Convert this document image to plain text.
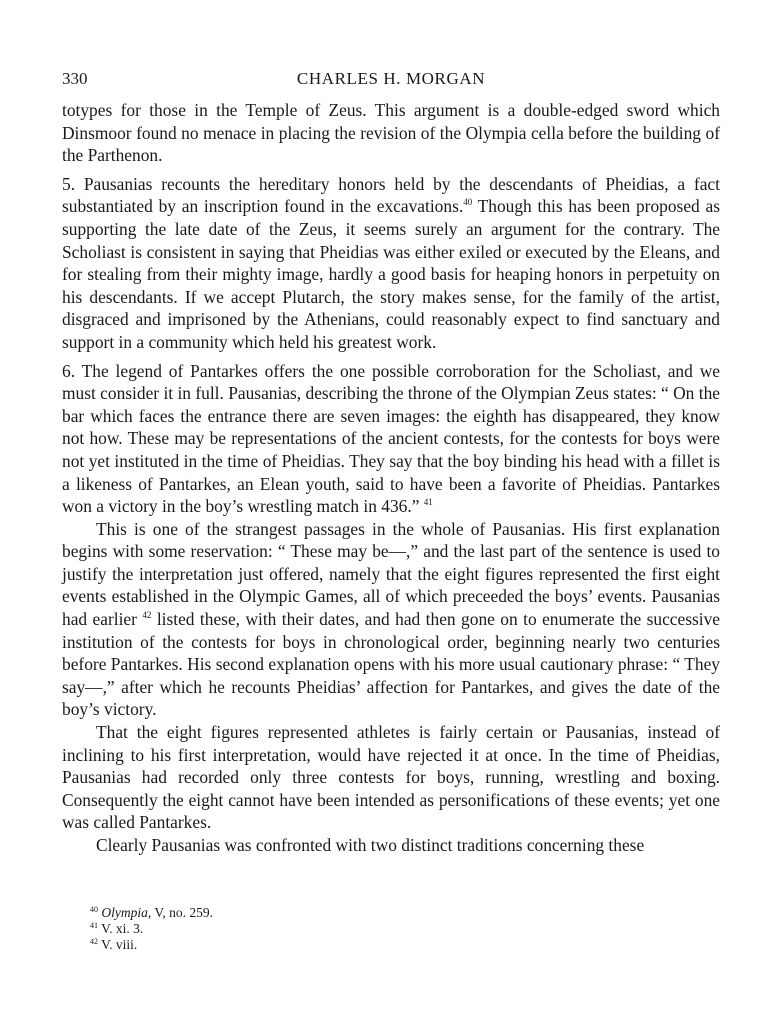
330	CHARLES H. MORGAN

totypes for those in the Temple of Zeus. This argument is a double-edged sword which Dinsmoor found no menace in placing the revision of the Olympia cella before the building of the Parthenon.

5. Pausanias recounts the hereditary honors held by the descendants of Pheidias, a fact substantiated by an inscription found in the excavations.$^{40}$ Though this has been proposed as supporting the late date of the Zeus, it seems surely an argument for the contrary. The Scholiast is consistent in saying that Pheidias was either exiled or executed by the Eleans, and for stealing from their mighty image, hardly a good basis for heaping honors in perpetuity on his descendants. If we accept Plutarch, the story makes sense, for the family of the artist, disgraced and imprisoned by the Athenians, could reasonably expect to find sanctuary and support in a community which held his greatest work.

6. The legend of Pantarkes offers the one possible corroboration for the Scholiast, and we must consider it in full. Pausanias, describing the throne of the Olympian Zeus states: “ On the bar which faces the entrance there are seven images: the eighth has disappeared, they know not how. These may be representations of the ancient contests, for the contests for boys were not yet instituted in the time of Pheidias. They say that the boy binding his head with a fillet is a likeness of Pantarkes, an Elean youth, said to have been a favorite of Pheidias. Pantarkes won a victory in the boy’s wrestling match in 436.” $^{41}$

This is one of the strangest passages in the whole of Pausanias. His first explanation begins with some reservation: “ These may be—,” and the last part of the sentence is used to justify the interpretation just offered, namely that the eight figures represented the first eight events established in the Olympic Games, all of which preceeded the boys’ events. Pausanias had earlier $^{42}$ listed these, with their dates, and had then gone on to enumerate the successive institution of the contests for boys in chronological order, beginning nearly two centuries before Pantarkes. His second explanation opens with his more usual cautionary phrase: “ They say—,” after which he recounts Pheidias’ affection for Pantarkes, and gives the date of the boy’s victory.

That the eight figures represented athletes is fairly certain or Pausanias, instead of inclining to his first interpretation, would have rejected it at once. In the time of Pheidias, Pausanias had recorded only three contests for boys, running, wrestling and boxing. Consequently the eight cannot have been intended as personifications of these events; yet one was called Pantarkes.

Clearly Pausanias was confronted with two distinct traditions concerning these

$^{40}$ Olympia, V, no. 259.
$^{41}$ V. xi. 3.
$^{42}$ V. viii.
